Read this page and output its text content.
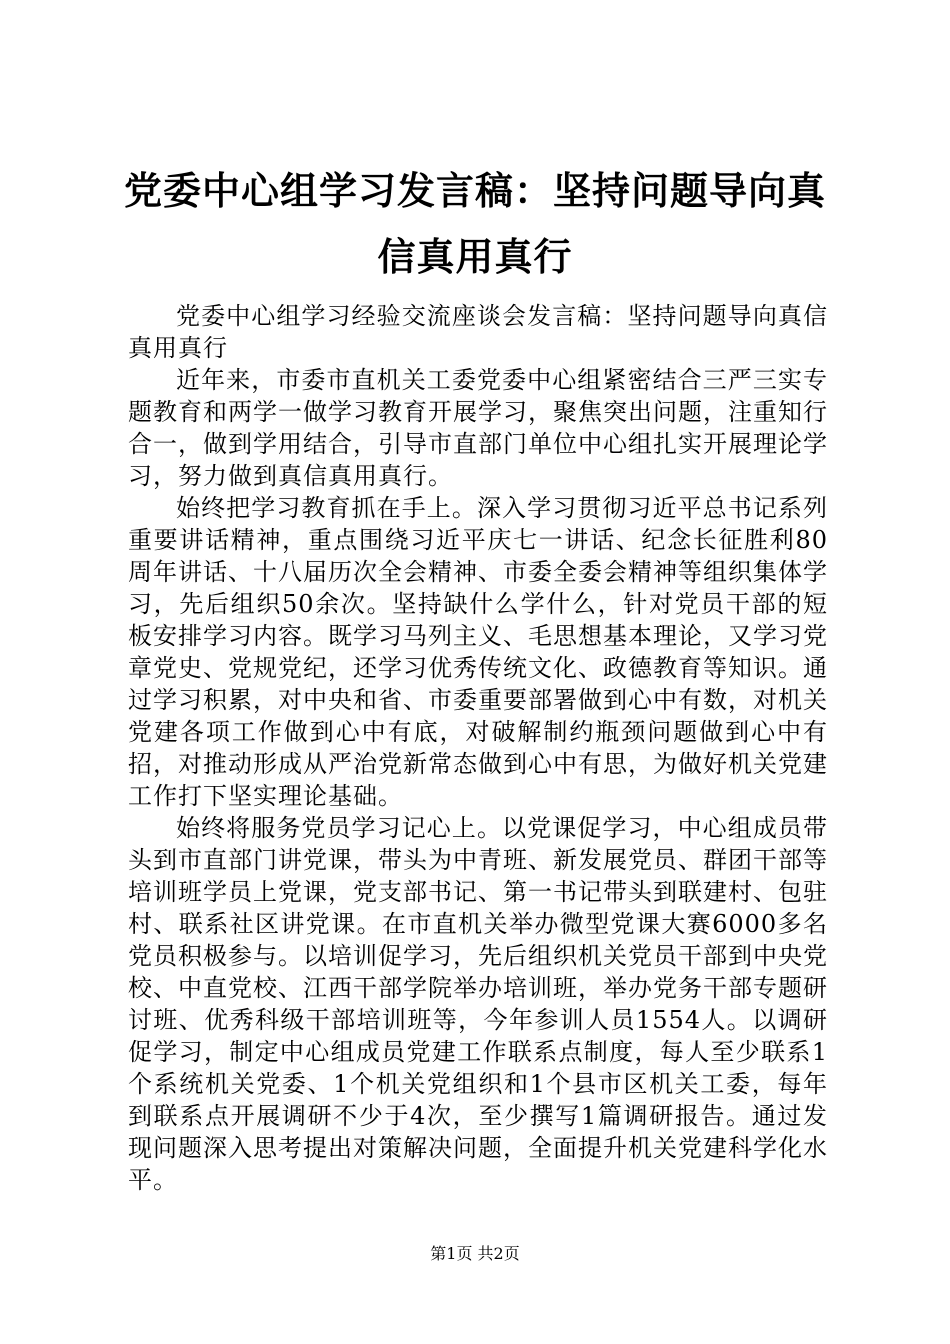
党委中心组学习发言稿：坚持问题导向真信真用真行

党委中心组学习经验交流座谈会发言稿：坚持问题导向真信真用真行

近年来，市委市直机关工委党委中心组紧密结合三严三实专题教育和两学一做学习教育开展学习，聚焦突出问题，注重知行合一，做到学用结合，引导市直部门单位中心组扎实开展理论学习，努力做到真信真用真行。

始终把学习教育抓在手上。深入学习贯彻习近平总书记系列重要讲话精神，重点围绕习近平庆七一讲话、纪念长征胜利80周年讲话、十八届历次全会精神、市委全委会精神等组织集体学习，先后组织50余次。坚持缺什么学什么，针对党员干部的短板安排学习内容。既学习马列主义、毛思想基本理论，又学习党章党史、党规党纪，还学习优秀传统文化、政德教育等知识。通过学习积累，对中央和省、市委重要部署做到心中有数，对机关党建各项工作做到心中有底，对破解制约瓶颈问题做到心中有招，对推动形成从严治党新常态做到心中有思，为做好机关党建工作打下坚实理论基础。

始终将服务党员学习记心上。以党课促学习，中心组成员带头到市直部门讲党课，带头为中青班、新发展党员、群团干部等培训班学员上党课，党支部书记、第一书记带头到联建村、包驻村、联系社区讲党课。在市直机关举办微型党课大赛6000多名党员积极参与。以培训促学习，先后组织机关党员干部到中央党校、中直党校、江西干部学院举办培训班，举办党务干部专题研讨班、优秀科级干部培训班等，今年参训人员1554人。以调研促学习，制定中心组成员党建工作联系点制度，每人至少联系1个系统机关党委、1个机关党组织和1个县市区机关工委，每年到联系点开展调研不少于4次，至少撰写1篇调研报告。通过发现问题深入思考提出对策解决问题，全面提升机关党建科学化水平。

第1页 共2页
